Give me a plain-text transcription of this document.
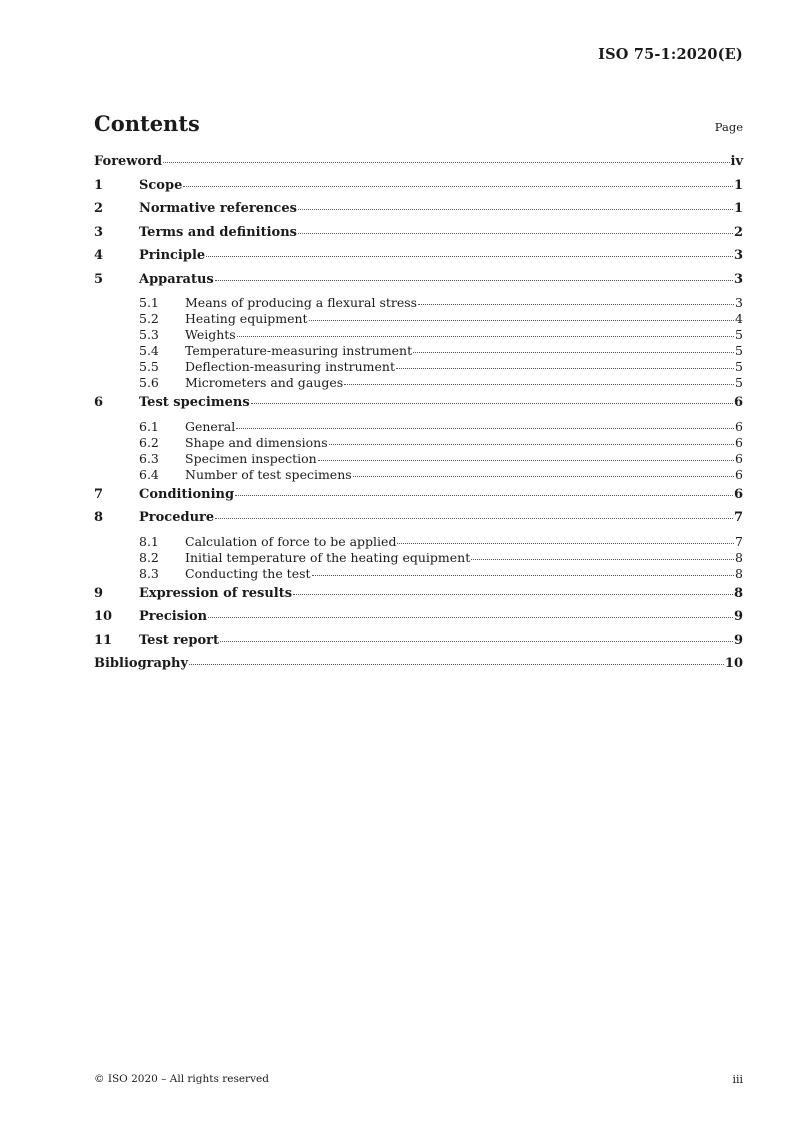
ISO 75-1:2020(E)
Contents	Page
Foreword	iv
1	Scope	1
2	Normative references	1
3	Terms and definitions	2
4	Principle	3
5	Apparatus	3
5.1	Means of producing a flexural stress	3
5.2	Heating equipment	4
5.3	Weights	5
5.4	Temperature-measuring instrument	5
5.5	Deflection-measuring instrument	5
5.6	Micrometers and gauges	5
6	Test specimens	6
6.1	General	6
6.2	Shape and dimensions	6
6.3	Specimen inspection	6
6.4	Number of test specimens	6
7	Conditioning	6
8	Procedure	7
8.1	Calculation of force to be applied	7
8.2	Initial temperature of the heating equipment	8
8.3	Conducting the test	8
9	Expression of results	8
10	Precision	9
11	Test report	9
Bibliography	10
© ISO 2020 – All rights reserved	iii
